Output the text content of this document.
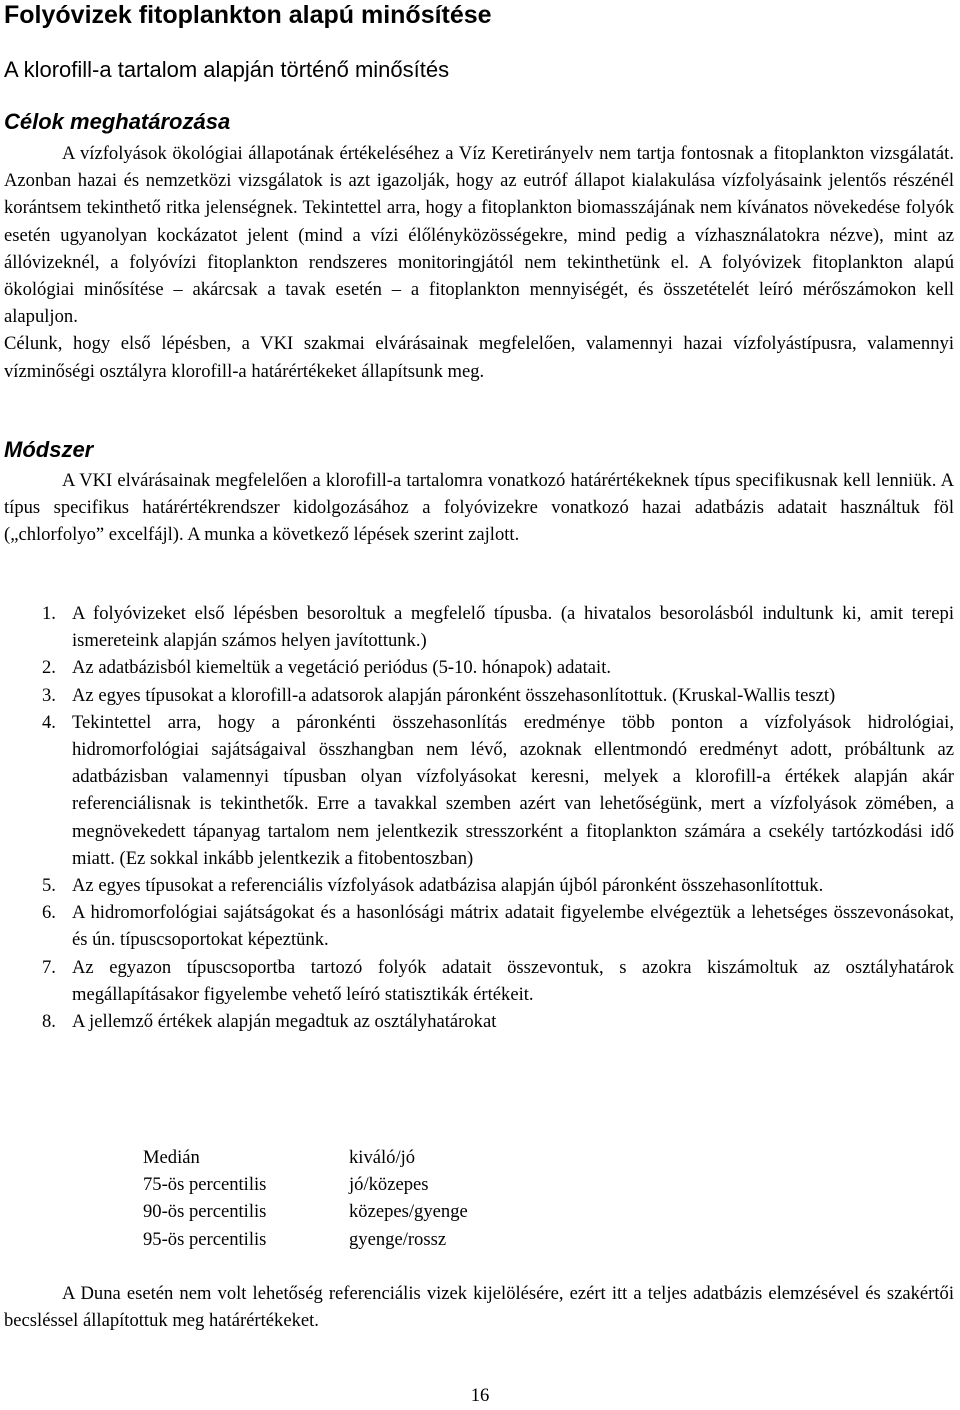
Folyóvizek fitoplankton alapú minősítése
A klorofill-a tartalom alapján történő minősítés
Célok meghatározása

A vízfolyások ökológiai állapotának értékeléséhez a Víz Keretirányelv nem tartja fontosnak a fitoplankton vizsgálatát. Azonban hazai és nemzetközi vizsgálatok is azt igazolják, hogy az eutróf állapot kialakulása vízfolyásaink jelentős részénél korántsem tekinthető ritka jelenségnek. Tekintettel arra, hogy a fitoplankton biomasszájának nem kívánatos növekedése folyók esetén ugyanolyan kockázatot jelent (mind a vízi élőlényközösségekre, mind pedig a vízhasználatokra nézve), mint az állóvizeknél, a folyóvízi fitoplankton rendszeres monitoringjától nem tekinthetünk el. A folyóvizek fitoplankton alapú ökológiai minősítése – akárcsak a tavak esetén – a fitoplankton mennyiségét, és összetételét leíró mérőszámokon kell alapuljon.

Célunk, hogy első lépésben, a VKI szakmai elvárásainak megfelelően, valamennyi hazai vízfolyástípusra, valamennyi vízminőségi osztályra klorofill-a határértékeket állapítsunk meg.

Módszer

A VKI elvárásainak megfelelően a klorofill-a tartalomra vonatkozó határértékeknek típus specifikusnak kell lenniük. A típus specifikus határértékrendszer kidolgozásához a folyóvizekre vonatkozó hazai adatbázis adatait használtuk föl („chlorfolyo” excelfájl). A munka a következő lépések szerint zajlott.

1. A folyóvizeket első lépésben besoroltuk a megfelelő típusba. (a hivatalos besorolásból indultunk ki, amit terepi ismereteink alapján számos helyen javítottunk.)
2. Az adatbázisból kiemeltük a vegetáció periódus (5-10. hónapok) adatait.
3. Az egyes típusokat a klorofill-a adatsorok alapján páronként összehasonlítottuk. (Kruskal-Wallis teszt)
4. Tekintettel arra, hogy a páronkénti összehasonlítás eredménye több ponton a vízfolyások hidrológiai, hidromorfológiai sajátságaival összhangban nem lévő, azoknak ellentmondó eredményt adott, próbáltunk az adatbázisban valamennyi típusban olyan vízfolyásokat keresni, melyek a klorofill-a értékek alapján akár referenciálisnak is tekinthetők. Erre a tavakkal szemben azért van lehetőségünk, mert a vízfolyások zömében, a megnövekedett tápanyag tartalom nem jelentkezik stresszorként a fitoplankton számára a csekély tartózkodási idő miatt. (Ez sokkal inkább jelentkezik a fitobentoszban)
5. Az egyes típusokat a referenciális vízfolyások adatbázisa alapján újból páronként összehasonlítottuk.
6. A hidromorfológiai sajátságokat és a hasonlósági mátrix adatait figyelembe elvégeztük a lehetséges összevonásokat, és ún. típuscsoportokat képeztünk.
7. Az egyazon típuscsoportba tartozó folyók adatait összevontuk, s azokra kiszámoltuk az osztályhatárok megállapításakor figyelembe vehető leíró statisztikák értékeit.
8. A jellemző értékek alapján megadtuk az osztályhatárokat
Medián	kiváló/jó
75-ös percentilis	jó/közepes
90-ös percentilis	közepes/gyenge
95-ös percentilis	gyenge/rossz

A Duna esetén nem volt lehetőség referenciális vizek kijelölésére, ezért itt a teljes adatbázis elemzésével és szakértői becsléssel állapítottuk meg határértékeket.

16
